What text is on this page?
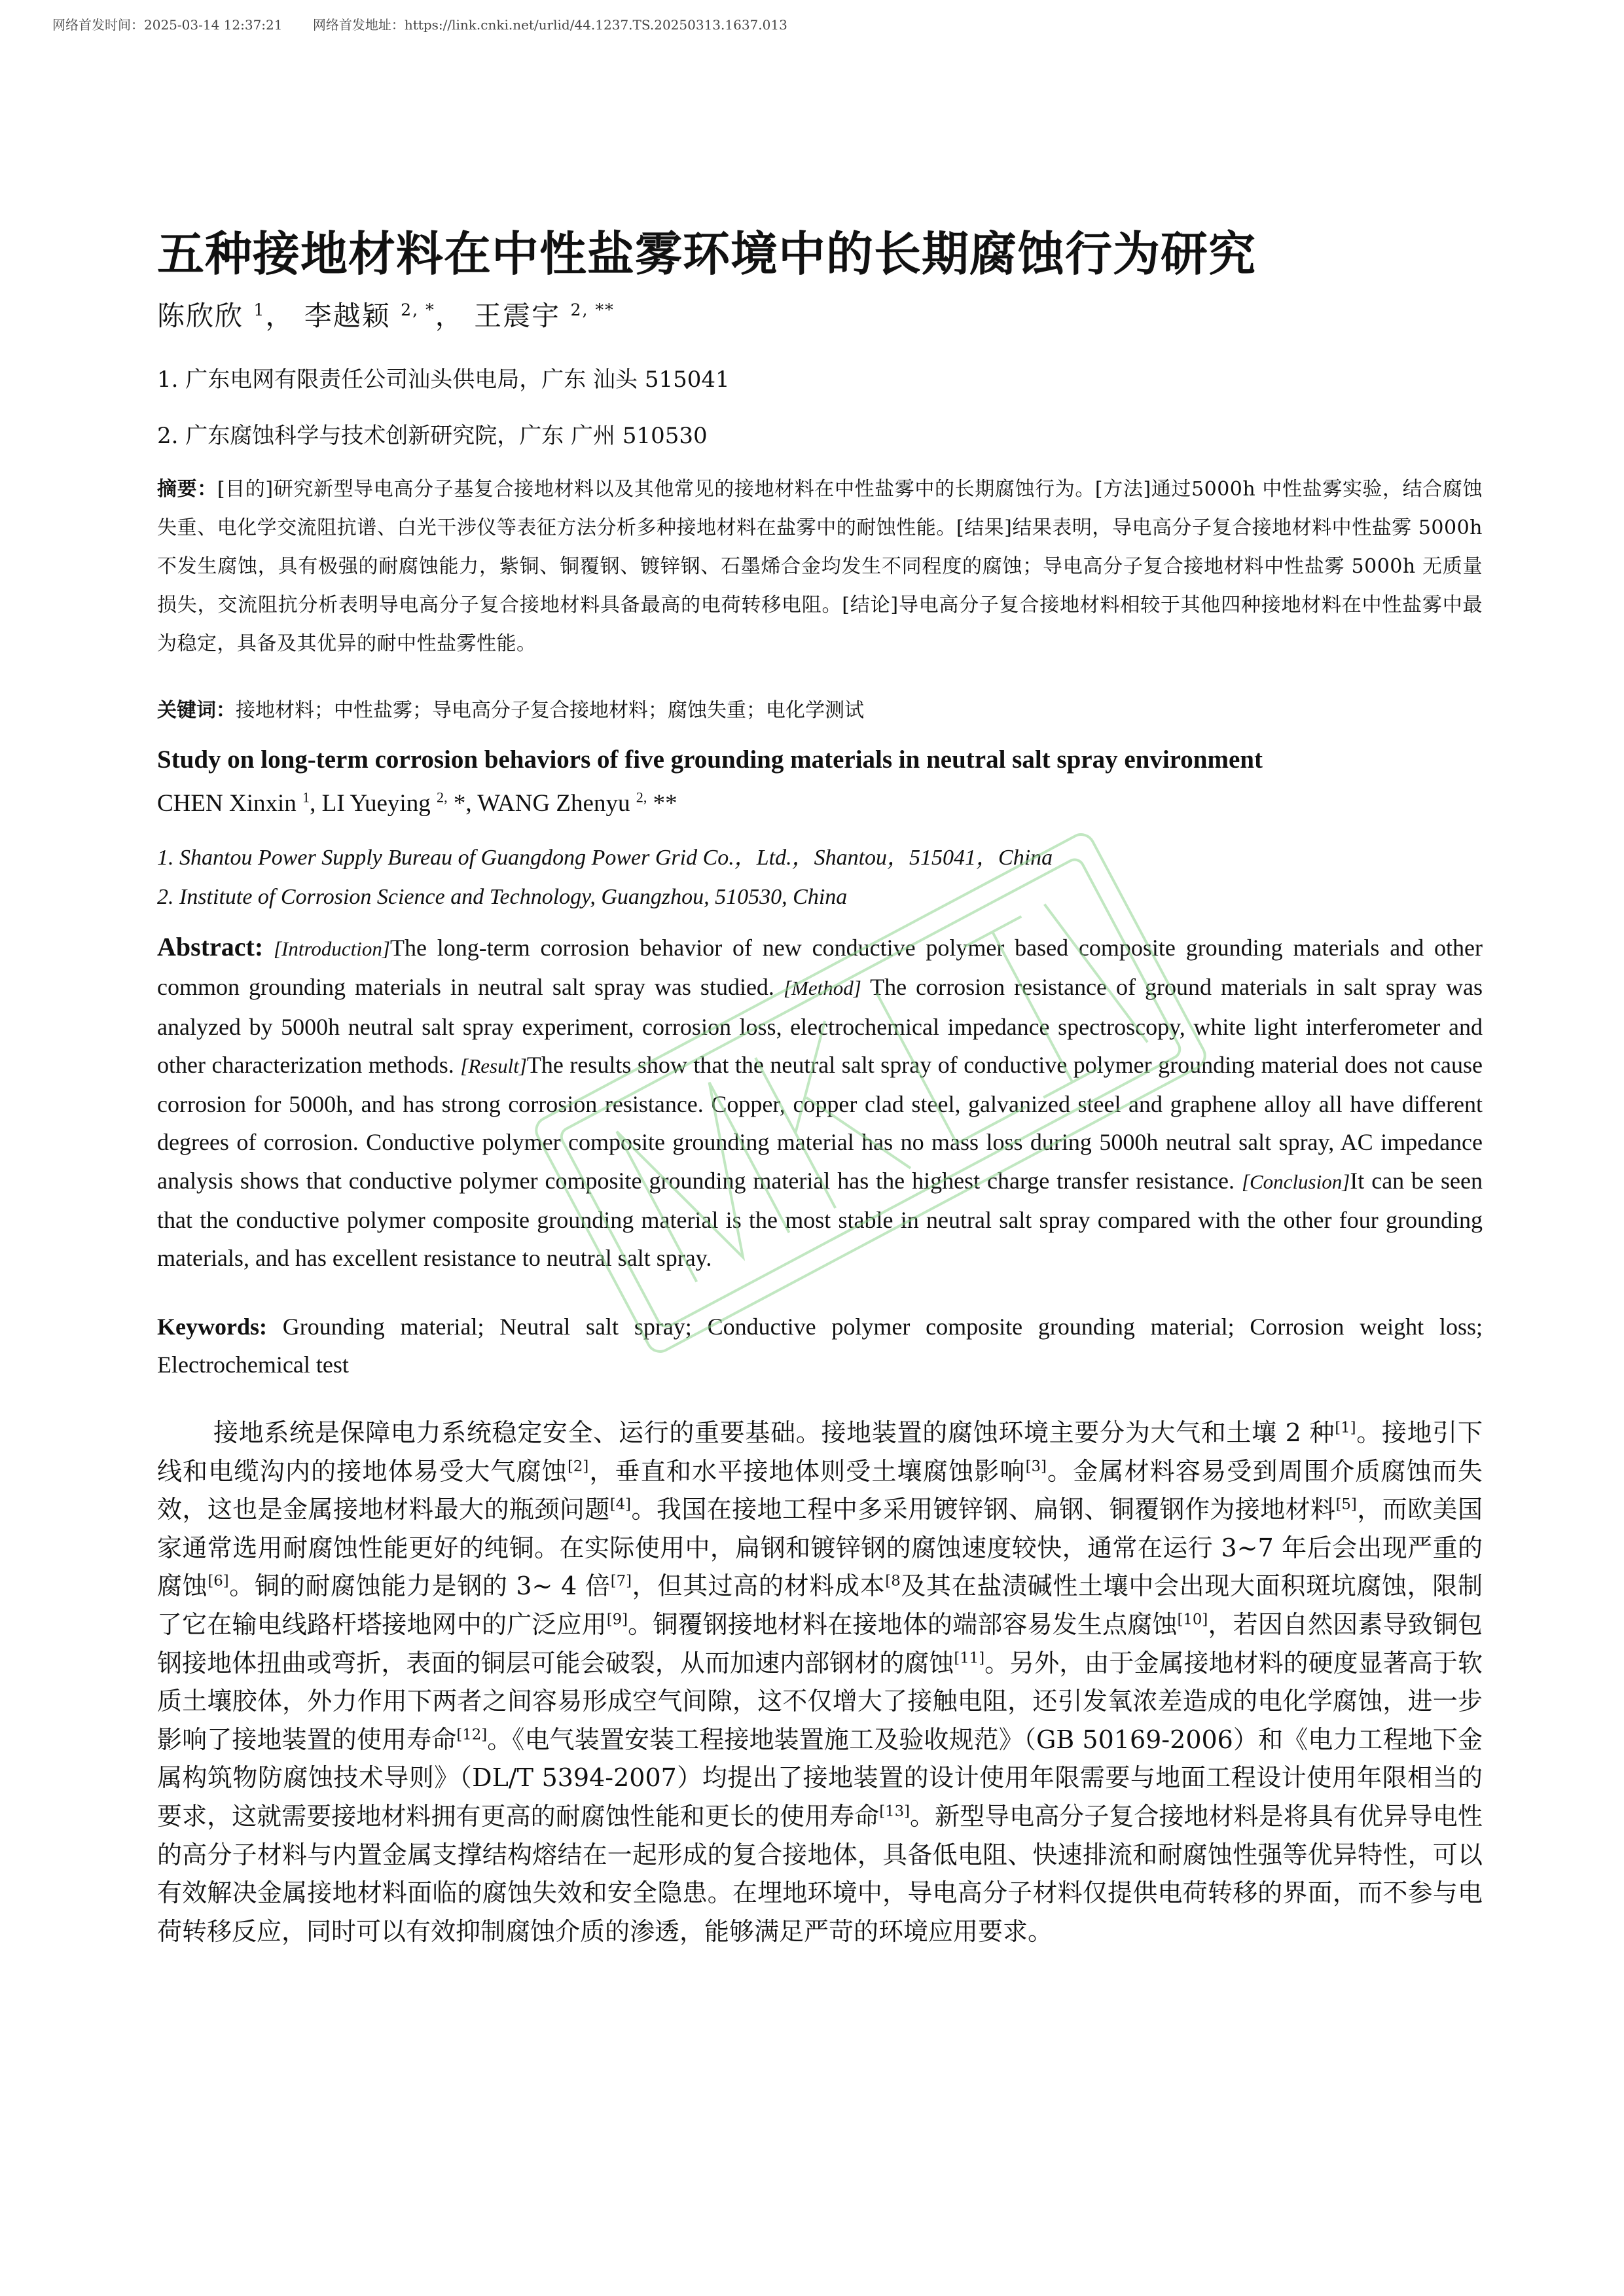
网络首发时间：2025-03-14 12:37:21 网络首发地址：https://link.cnki.net/urlid/44.1237.TS.20250313.1637.013
五种接地材料在中性盐雾环境中的长期腐蚀行为研究
陈欣欣 $^1$， 李越颖 $^{2, *}$， 王震宇 $^{2, **}$
1. 广东电网有限责任公司汕头供电局，广东 汕头 515041
2. 广东腐蚀科学与技术创新研究院，广东 广州 510530

摘要：[目的]研究新型导电高分子基复合接地材料以及其他常见的接地材料在中性盐雾中的长期腐蚀行为。[方法]通过5000h 中性盐雾实验，结合腐蚀失重、电化学交流阻抗谱、白光干涉仪等表征方法分析多种接地材料在盐雾中的耐蚀性能。[结果]结果表明，导电高分子复合接地材料中性盐雾 5000h 不发生腐蚀，具有极强的耐腐蚀能力，紫铜、铜覆钢、镀锌钢、石墨烯合金均发生不同程度的腐蚀；导电高分子复合接地材料中性盐雾 5000h 无质量损失，交流阻抗分析表明导电高分子复合接地材料具备最高的电荷转移电阻。[结论]导电高分子复合接地材料相较于其他四种接地材料在中性盐雾中最为稳定，具备及其优异的耐中性盐雾性能。

关键词：接地材料；中性盐雾；导电高分子复合接地材料；腐蚀失重；电化学测试

Study on long-term corrosion behaviors of five grounding materials in neutral salt spray environment
CHEN Xinxin $^1$, LI Yueying $^{2,}$ *, WANG Zhenyu $^{2,}$ **
1. Shantou Power Supply Bureau of Guangdong Power Grid Co.，Ltd.，Shantou，515041，China
2. Institute of Corrosion Science and Technology, Guangzhou, 510530, China

Abstract: [Introduction]The long-term corrosion behavior of new conductive polymer based composite grounding materials and other common grounding materials in neutral salt spray was studied. [Method] The corrosion resistance of ground materials in salt spray was analyzed by 5000h neutral salt spray experiment, corrosion loss, electrochemical impedance spectroscopy, white light interferometer and other characterization methods. [Result]The results show that the neutral salt spray of conductive polymer grounding material does not cause corrosion for 5000h, and has strong corrosion resistance. Copper, copper clad steel, galvanized steel and graphene alloy all have different degrees of corrosion. Conductive polymer composite grounding material has no mass loss during 5000h neutral salt spray, AC impedance analysis shows that conductive polymer composite grounding material has the highest charge transfer resistance. [Conclusion]It can be seen that the conductive polymer composite grounding material is the most stable in neutral salt spray compared with the other four grounding materials, and has excellent resistance to neutral salt spray.

Keywords: Grounding material; Neutral salt spray; Conductive polymer composite grounding material; Corrosion weight loss; Electrochemical test

接地系统是保障电力系统稳定安全、运行的重要基础。接地装置的腐蚀环境主要分为大气和土壤 2 种[1]。接地引下线和电缆沟内的接地体易受大气腐蚀[2]，垂直和水平接地体则受土壤腐蚀影响[3]。金属材料容易受到周围介质腐蚀而失效，这也是金属接地材料最大的瓶颈问题[4]。我国在接地工程中多采用镀锌钢、扁钢、铜覆钢作为接地材料[5]，而欧美国家通常选用耐腐蚀性能更好的纯铜。在实际使用中，扁钢和镀锌钢的腐蚀速度较快，通常在运行 3~7 年后会出现严重的腐蚀[6]。铜的耐腐蚀能力是钢的 3~ 4 倍[7]，但其过高的材料成本$^{[8}$及其在盐渍碱性土壤中会出现大面积斑坑腐蚀，限制了它在输电线路杆塔接地网中的广泛应用[9]。铜覆钢接地材料在接地体的端部容易发生点腐蚀[10]，若因自然因素导致铜包钢接地体扭曲或弯折，表面的铜层可能会破裂，从而加速内部钢材的腐蚀[11]。另外，由于金属接地材料的硬度显著高于软质土壤胶体，外力作用下两者之间容易形成空气间隙，这不仅增大了接触电阻，还引发氧浓差造成的电化学腐蚀，进一步影响了接地装置的使用寿命[12]。《电气装置安装工程接地装置施工及验收规范》（GB 50169-2006）和《电力工程地下金属构筑物防腐蚀技术导则》（DL/T 5394-2007）均提出了接地装置的设计使用年限需要与地面工程设计使用年限相当的要求，这就需要接地材料拥有更高的耐腐蚀性能和更长的使用寿命[13]。新型导电高分子复合接地材料是将具有优异导电性的高分子材料与内置金属支撑结构熔结在一起形成的复合接地体，具备低电阻、快速排流和耐腐蚀性强等优异特性，可以有效解决金属接地材料面临的腐蚀失效和安全隐患。在埋地环境中，导电高分子材料仅提供电荷转移的界面，而不参与电荷转移反应，同时可以有效抑制腐蚀介质的渗透，能够满足严苛的环境应用要求。
